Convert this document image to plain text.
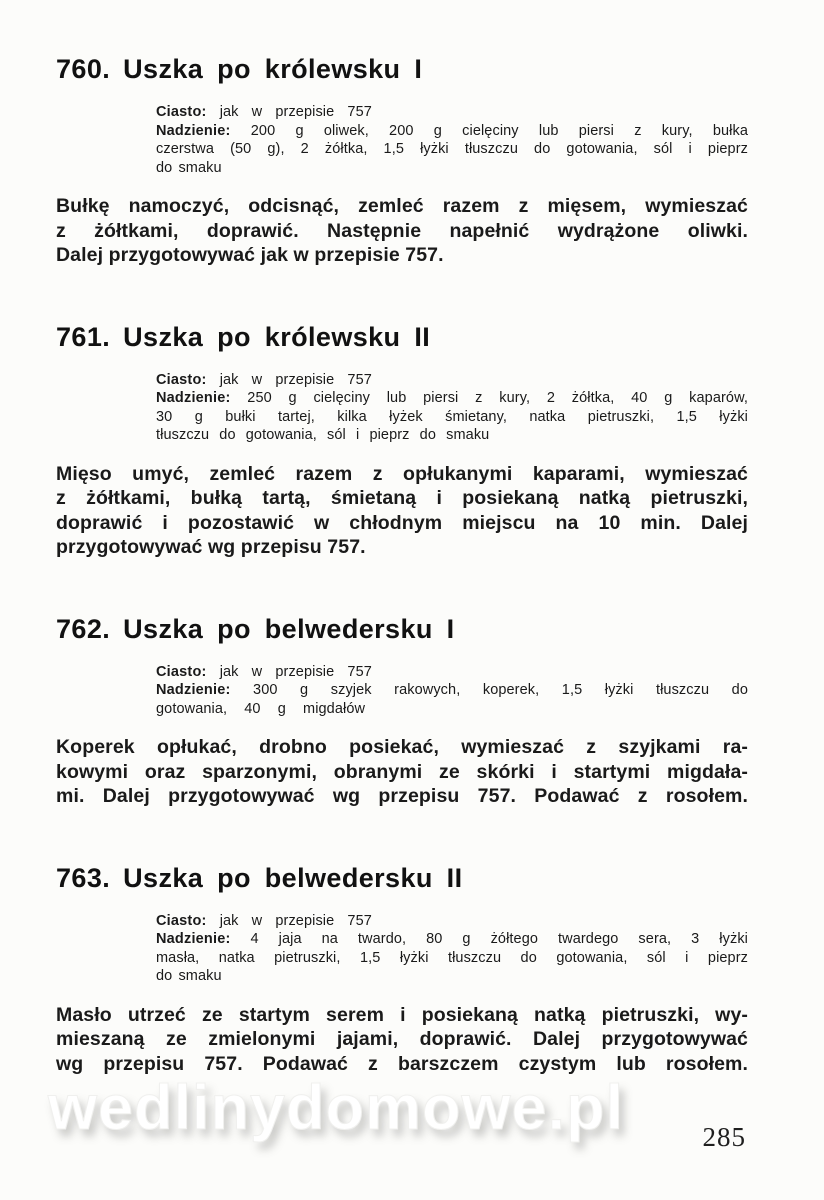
760. Uszka po królewsku I
Ciasto: jak w przepisie 757
Nadzienie: 200 g oliwek, 200 g cielęciny lub piersi z kury, bułka
czerstwa (50 g), 2 żółtka, 1,5 łyżki tłuszczu do gotowania, sól i pieprz
do smaku

Bułkę namoczyć, odcisnąć, zemleć razem z mięsem, wymieszać
z żółtkami, doprawić. Następnie napełnić wydrążone oliwki.
Dalej przygotowywać jak w przepisie 757.

761. Uszka po królewsku II
Ciasto: jak w przepisie 757
Nadzienie: 250 g cielęciny lub piersi z kury, 2 żółtka, 40 g kaparów,
30 g bułki tartej, kilka łyżek śmietany, natka pietruszki, 1,5 łyżki
tłuszczu do gotowania, sól i pieprz do smaku

Mięso umyć, zemleć razem z opłukanymi kaparami, wymieszać
z żółtkami, bułką tartą, śmietaną i posiekaną natką pietruszki,
doprawić i pozostawić w chłodnym miejscu na 10 min. Dalej
przygotowywać wg przepisu 757.

762. Uszka po belwedersku I
Ciasto: jak w przepisie 757
Nadzienie: 300 g szyjek rakowych, koperek, 1,5 łyżki tłuszczu do
gotowania, 40 g migdałów

Koperek opłukać, drobno posiekać, wymieszać z szyjkami ra-
kowymi oraz sparzonymi, obranymi ze skórki i startymi migdała-
mi. Dalej przygotowywać wg przepisu 757. Podawać z rosołem.

763. Uszka po belwedersku II
Ciasto: jak w przepisie 757
Nadzienie: 4 jaja na twardo, 80 g żółtego twardego sera, 3 łyżki
masła, natka pietruszki, 1,5 łyżki tłuszczu do gotowania, sól i pieprz
do smaku

Masło utrzeć ze startym serem i posiekaną natką pietruszki, wy-
mieszaną ze zmielonymi jajami, doprawić. Dalej przygotowywać
wg przepisu 757. Podawać z barszczem czystym lub rosołem.

wedlinydomowe.pl	285
